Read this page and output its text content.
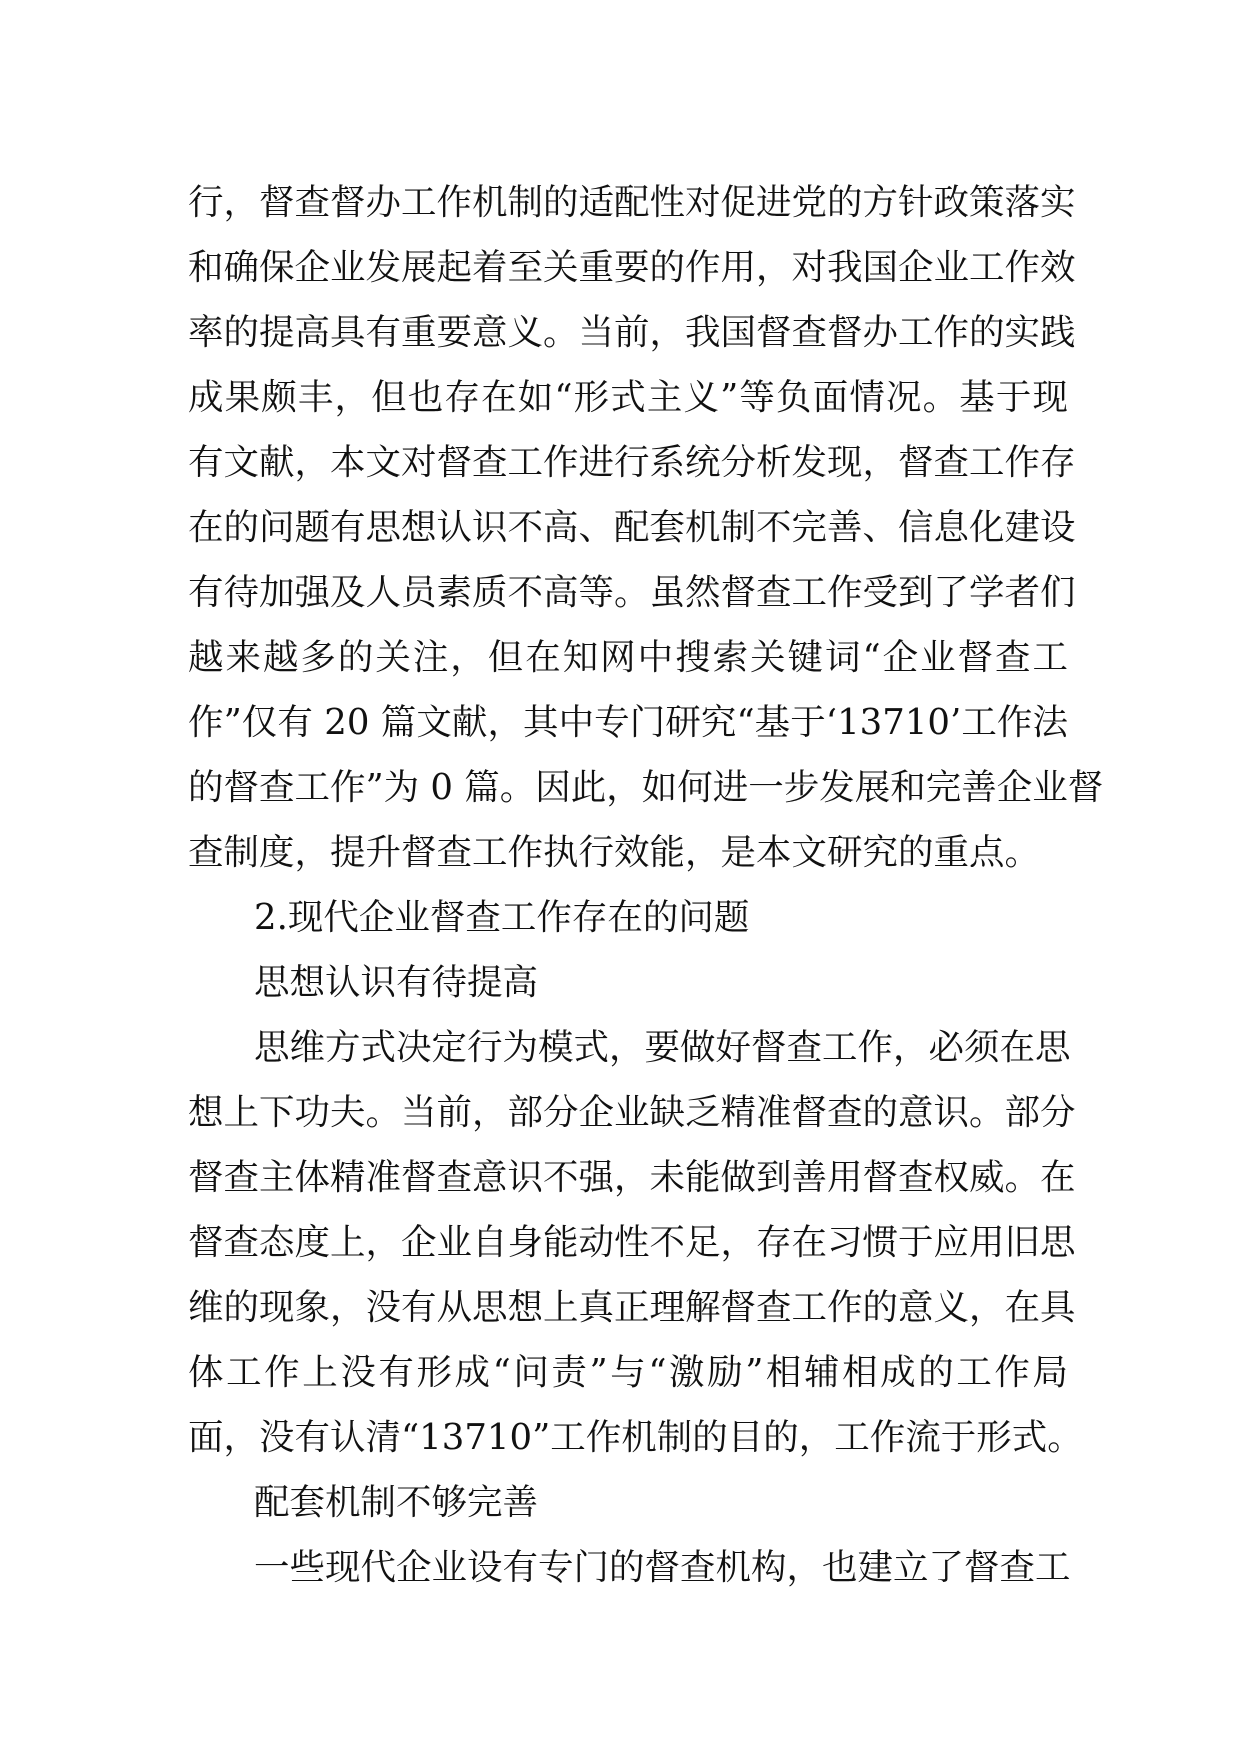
行，督查督办工作机制的适配性对促进党的方针政策落实
和确保企业发展起着至关重要的作用，对我国企业工作效
率的提高具有重要意义。当前，我国督查督办工作的实践
成果颇丰，但也存在如“形式主义”等负面情况。基于现
有文献，本文对督查工作进行系统分析发现，督查工作存
在的问题有思想认识不高、配套机制不完善、信息化建设
有待加强及人员素质不高等。虽然督查工作受到了学者们
越来越多的关注，但在知网中搜索关键词“企业督查工
作”仅有 20 篇文献，其中专门研究“基于‘13710’工作法
的督查工作”为 0 篇。因此，如何进一步发展和完善企业督
查制度，提升督查工作执行效能，是本文研究的重点。
2.现代企业督查工作存在的问题
思想认识有待提高
思维方式决定行为模式，要做好督查工作，必须在思
想上下功夫。当前，部分企业缺乏精准督查的意识。部分
督查主体精准督查意识不强，未能做到善用督查权威。在
督查态度上，企业自身能动性不足，存在习惯于应用旧思
维的现象，没有从思想上真正理解督查工作的意义，在具
体工作上没有形成“问责”与“激励”相辅相成的工作局
面，没有认清“13710”工作机制的目的，工作流于形式。
配套机制不够完善
一些现代企业设有专门的督查机构，也建立了督查工
